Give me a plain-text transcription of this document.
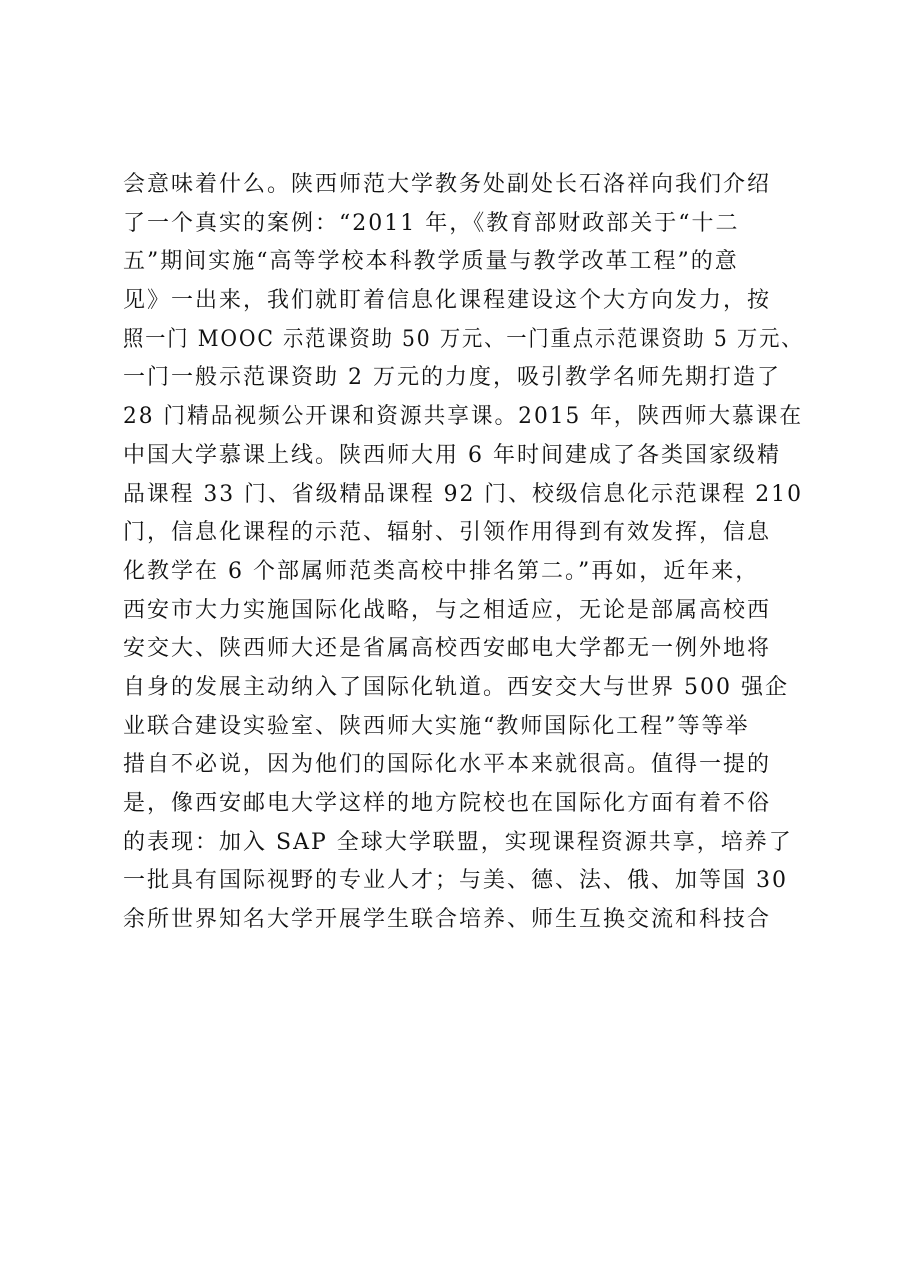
会意味着什么。陕西师范大学教务处副处长石洛祥向我们介绍
了一个真实的案例：“2011 年，《教育部财政部关于“十二
五”期间实施“高等学校本科教学质量与教学改革工程”的意
见》一出来，我们就盯着信息化课程建设这个大方向发力，按
照一门 MOOC 示范课资助 50 万元、一门重点示范课资助 5 万元、
一门一般示范课资助 2 万元的力度，吸引教学名师先期打造了
28 门精品视频公开课和资源共享课。2015 年，陕西师大慕课在
中国大学慕课上线。陕西师大用 6 年时间建成了各类国家级精
品课程 33 门、省级精品课程 92 门、校级信息化示范课程 210
门，信息化课程的示范、辐射、引领作用得到有效发挥，信息
化教学在 6 个部属师范类高校中排名第二。”再如，近年来，
西安市大力实施国际化战略，与之相适应，无论是部属高校西
安交大、陕西师大还是省属高校西安邮电大学都无一例外地将
自身的发展主动纳入了国际化轨道。西安交大与世界 500 强企
业联合建设实验室、陕西师大实施“教师国际化工程”等等举
措自不必说，因为他们的国际化水平本来就很高。值得一提的
是，像西安邮电大学这样的地方院校也在国际化方面有着不俗
的表现：加入 SAP 全球大学联盟，实现课程资源共享，培养了
一批具有国际视野的专业人才；与美、德、法、俄、加等国 30
余所世界知名大学开展学生联合培养、师生互换交流和科技合
